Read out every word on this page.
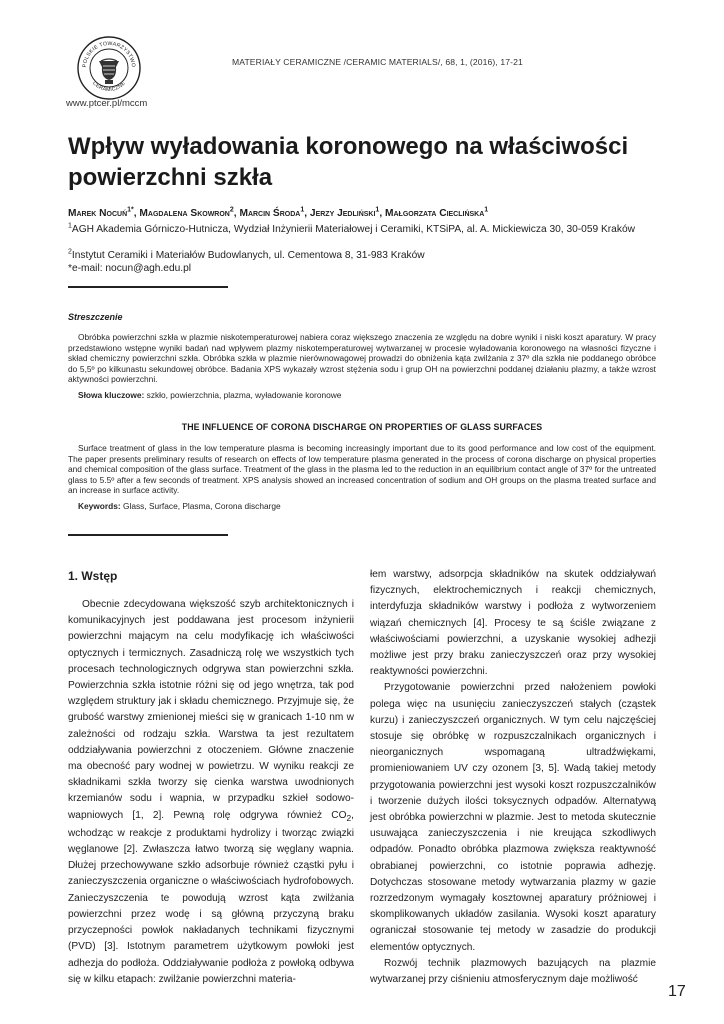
POLSKIE TOWARZYSTWO
CERAMICZNE
www.ptcer.pl/mccm
MATERIAŁY CERAMICZNE /CERAMIC MATERIALS/, 68, 1, (2016), 17-21
Wpływ wyładowania koronowego na właściwości powierzchni szkła
Marek Nocuń$^{1*}$, Magdalena Skowron$^2$, Marcin Środa$^1$, Jerzy Jedliński$^1$, Małgorzata Cieclińska$^1$
$^1$AGH Akademia Górniczo-Hutnicza, Wydział Inżynierii Materiałowej i Ceramiki, KTSiPA, al. A. Mickiewicza 30, 30-059 Kraków
$^2$Instytut Ceramiki i Materiałów Budowlanych, ul. Cementowa 8, 31-983 Kraków
*e-mail: nocun@agh.edu.pl
Streszczenie

Obróbka powierzchni szkła w plazmie niskotemperaturowej nabiera coraz większego znaczenia ze względu na dobre wyniki i niski koszt aparatury. W pracy przedstawiono wstępne wyniki badań nad wpływem plazmy niskotemperaturowej wytwarzanej w procesie wyładowania koronowego na własności fizyczne i skład chemiczny powierzchni szkła. Obróbka szkła w plazmie nierównowagowej prowadzi do obniżenia kąta zwilżania z 37º dla szkła nie poddanego obróbce do 5,5º po kilkunastu sekundowej obróbce. Badania XPS wykazały wzrost stężenia sodu i grup OH na powierzchni poddanej działaniu plazmy, a także wzrost aktywności powierzchni.

Słowa kluczowe: szkło, powierzchnia, plazma, wyładowanie koronowe
THE INFLUENCE OF CORONA DISCHARGE ON PROPERTIES OF GLASS SURFACES

Surface treatment of glass in the low temperature plasma is becoming increasingly important due to its good performance and low cost of the equipment. The paper presents preliminary results of research on effects of low temperature plasma generated in the process of corona discharge on physical properties and chemical composition of the glass surface. Treatment of the glass in the plasma led to the reduction in an equilibrium contact angle of 37º for the untreated glass to 5.5º after a few seconds of treatment. XPS analysis showed an increased concentration of sodium and OH groups on the plasma treated surface and an increase in surface activity.

Keywords: Glass, Surface, Plasma, Corona discharge
1. Wstęp

Obecnie zdecydowana większość szyb architektonicznych i komunikacyjnych jest poddawana jest procesom inżynierii powierzchni mającym na celu modyfikację ich właściwości optycznych i termicznych. Zasadniczą rolę we wszystkich tych procesach technologicznych odgrywa stan powierzchni szkła. Powierzchnia szkła istotnie różni się od jego wnętrza, tak pod względem struktury jak i składu chemicznego. Przyjmuje się, że grubość warstwy zmienionej mieści się w granicach 1-10 nm w zależności od rodzaju szkła. Warstwa ta jest rezultatem oddziaływania powierzchni z otoczeniem. Główne znaczenie ma obecność pary wodnej w powietrzu. W wyniku reakcji ze składnikami szkła tworzy się cienka warstwa uwodnionych krzemianów sodu i wapnia, w przypadku szkieł sodowo-wapniowych [1, 2]. Pewną rolę odgrywa również $CO_2$, wchodząc w reakcje z produktami hydrolizy i tworząc związki węglanowe [2]. Zwłaszcza łatwo tworzą się węglany wapnia. Dłużej przechowywane szkło adsorbuje również cząstki pyłu i zanieczyszczenia organiczne o właściwościach hydrofobowych. Zanieczyszczenia te powodują wzrost kąta zwilżania powierzchni przez wodę i są główną przyczyną braku przyczepności powłok nakładanych technikami fizycznymi (PVD) [3]. Istotnym parametrem użytkowym powłoki jest adhezja do podłoża. Oddziaływanie podłoża z powłoką odbywa się w kilku etapach: zwilżanie powierzchni materia-

łem warstwy, adsorpcja składników na skutek oddziaływań fizycznych, elektrochemicznych i reakcji chemicznych, interdyfuzja składników warstwy i podłoża z wytworzeniem wiązań chemicznych [4]. Procesy te są ściśle związane z właściwościami powierzchni, a uzyskanie wysokiej adhezji możliwe jest przy braku zanieczyszczeń oraz przy wysokiej reaktywności powierzchni.

Przygotowanie powierzchni przed nałożeniem powłoki polega więc na usunięciu zanieczyszczeń stałych (cząstek kurzu) i zanieczyszczeń organicznych. W tym celu najczęściej stosuje się obróbkę w rozpuszczalnikach organicznych i nieorganicznych wspomaganą ultradźwiękami, promieniowaniem UV czy ozonem [3, 5]. Wadą takiej metody przygotowania powierzchni jest wysoki koszt rozpuszczalników i tworzenie dużych ilości toksycznych odpadów. Alternatywą jest obróbka powierzchni w plazmie. Jest to metoda skutecznie usuwająca zanieczyszczenia i nie kreująca szkodliwych odpadów. Ponadto obróbka plazmowa zwiększa reaktywność obrabianej powierzchni, co istotnie poprawia adhezję. Dotychczas stosowane metody wytwarzania plazmy w gazie rozrzedzonym wymagały kosztownej aparatury próżniowej i skomplikowanych układów zasilania. Wysoki koszt aparatury ograniczał stosowanie tej metody w zasadzie do produkcji elementów optycznych.

Rozwój technik plazmowych bazujących na plazmie wytwarzanej przy ciśnieniu atmosferycznym daje możliwość

17
